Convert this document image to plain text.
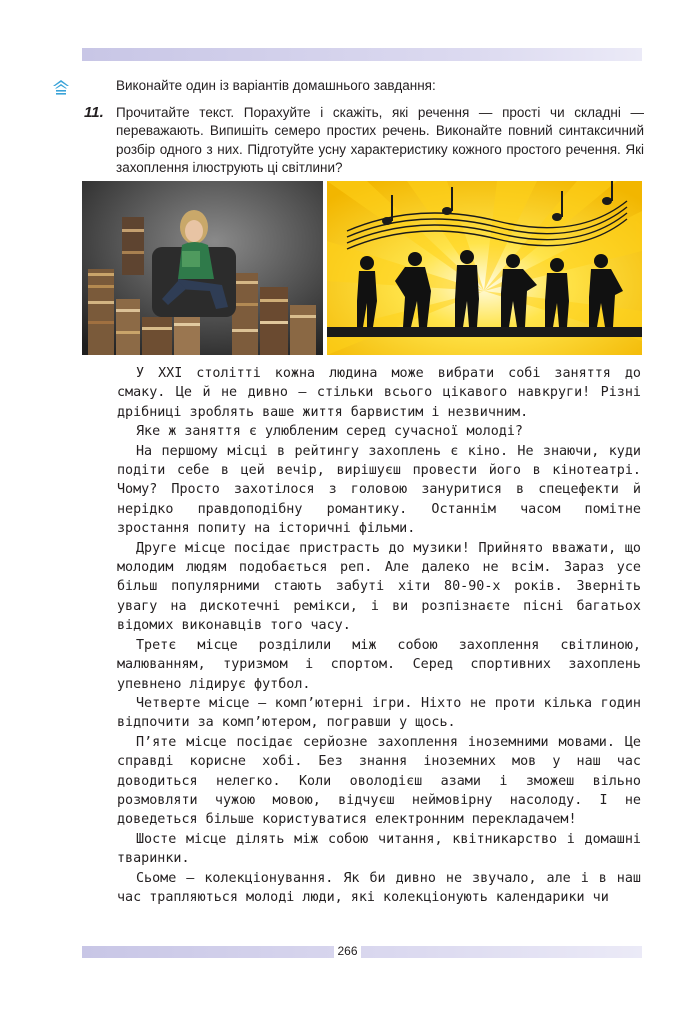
Виконайте один із варіантів домашнього завдання:
11. Прочитайте текст. Порахуйте і скажіть, які речення — прості чи складні — переважають. Випишіть семеро простих речень. Виконайте повний синтаксичний розбір одного з них. Підготуйте усну характеристику кожного простого речення. Які захоплення ілюструють ці світлини?

У XXI столітті кожна людина може вибрати собі заняття до смаку. Це й не дивно — стільки всього цікавого навкруги! Різні дрібниці зроблять ваше життя барвистим і незвичним.

Яке ж заняття є улюбленим серед сучасної молоді?

На першому місці в рейтингу захоплень є кіно. Не знаючи, куди подіти себе в цей вечір, вирішуєш провести його в кінотеатрі. Чому? Просто захотілося з головою зануритися в спецефекти й нерідко правдоподібну романтику. Останнім часом помітне зростання попиту на історичні фільми.

Друге місце посідає пристрасть до музики! Прийнято вважати, що молодим людям подобається реп. Але далеко не всім. Зараз усе більш популярними стають забуті хіти 80-90-х років. Зверніть увагу на дискотечні ремікси, і ви розпізнаєте пісні багатьох відомих виконавців того часу.

Третє місце розділили між собою захоплення світлиною, малюванням, туризмом і спортом. Серед спортивних захоплень упевнено лідирує футбол.

Четверте місце — комп’ютерні ігри. Ніхто не проти кілька годин відпочити за комп’ютером, погравши у щось.

П’яте місце посідає серйозне захоплення іноземними мовами. Це справді корисне хобі. Без знання іноземних мов у наш час доводиться нелегко. Коли оволодієш азами і зможеш вільно розмовляти чужою мовою, відчуєш неймовірну насолоду. І не доведеться більше користуватися електронним перекладачем!

Шосте місце ділять між собою читання, квітникарство і домашні тваринки.

Сьоме — колекціонування. Як би дивно не звучало, але і в наш час трапляються молоді люди, які колекціонують календарики чи

266
